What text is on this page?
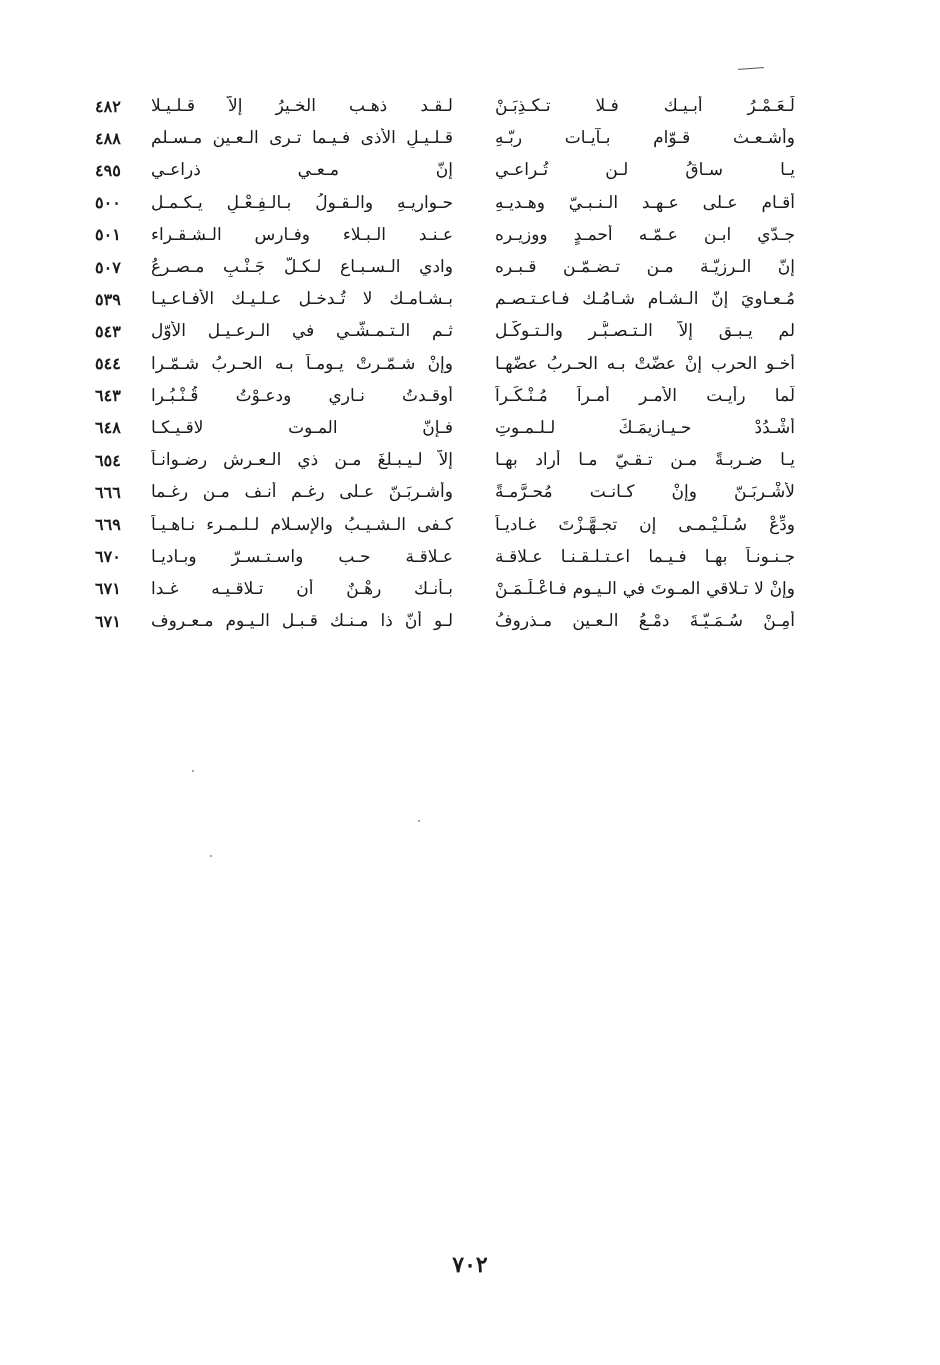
لَـعَـمْـرُ أبـيـك فـلا تـكـذِبَـنْ
لـقـد ذهـب الخـيرُ إلاّ قـلـيـلا
٤٨٢
وأشـعـث قـوّامٍ بـآيـات ربّـهِ
قـلـيـلِ الأذى فـيـما تـرى الـعـين مـسـلم
٤٨٨
يـا سـاقُ لـن تُـراعـي
إنّ مـعـي ذراعـي
٤٩٥
أقـام عـلى عـهـد الـنـبـيّ وهـديـهِ
حـواريـهِ والـقـولُ بـالـفِـعْـلِ يـكـمـل
٥٠٠
جـدّي ابـن عـمّـه أحمـدٍ ووزيـره
عـنـد الـبـلاء وفـارس الـشـقـراء
٥٠١
إنّ الـرزيّـة مـن تـضـمّـن قـبـره
وادي الـسـبـاع لـكـلّ جَـنْـبٍ مـصـرعُ
٥٠٧
مُـعـاويَ إنّ الـشـام شـامُـك فـاعـتـصـم
بـشـامـك لا تُـدخـل عـلـيـك الأفـاعـيـا
٥٣٩
لم يـبـق إلاّ الـتـصـبُّـر والـتـوكُّـل
ثـم الـتـمـشّـي في الـرعـيـل الأوّل
٥٤٣
أخـو الحرب إنْ عضّتْ بـه الحـربُ عضّهـا
وإنْ شـمّـرتْ يـومـاً بـه الحـربُ شـمّـرا
٥٤٤
لّما رأيـت الأمـر أمـراً مُـنْـكَـراً
أوقـدتُ نـاري ودعـوْتُ قُـنْـبُـرا
٦٤٣
أشْـدُدْ حـيـازيمَـكَ لـلـمـوتِ
فـإنّ المـوت لاقـيـكـا
٦٤٨
يـا ضـربـةً مـن تـقـيّ مـا أراد بهـا
إلاّ لـيـبـلغَ مـن ذي الـعـرش رضـوانـاً
٦٥٤
لأشْـربَـنّ وإنْ كـانـت مُحـرَّمـةً
وأشـربَـنّ عـلى رغـم أنـف مـن رغـما
٦٦٦
ودِّعْ سُـلَـيْـمـى إن تجـهَّـزْتَ غـاديـاً
كـفى الـشـيـبُ والإسـلام لـلـمـرء نـاهـيـاً
٦٦٩
جـنـونـاً بهـا فـيـما اعـتـلـقـنـا عـلاقـة
عـلاقـة حـب واسـتـسـرّ وبـاديـا
٦٧٠
وإنْ لا تـلاقي المـوتَ في الـيـوم فـاعْـلَـمَـنْ
بـأنـك رهْـنٌ أن تـلاقـيـه غـدا
٦٧١
أمِـنْ سُـمَـيّـةَ دمْـعُ الـعـين مـذروفُ
لـو أنّ ذا مـنـك قـبـل الـيـوم مـعـروف
٦٧١
٧٠٢
